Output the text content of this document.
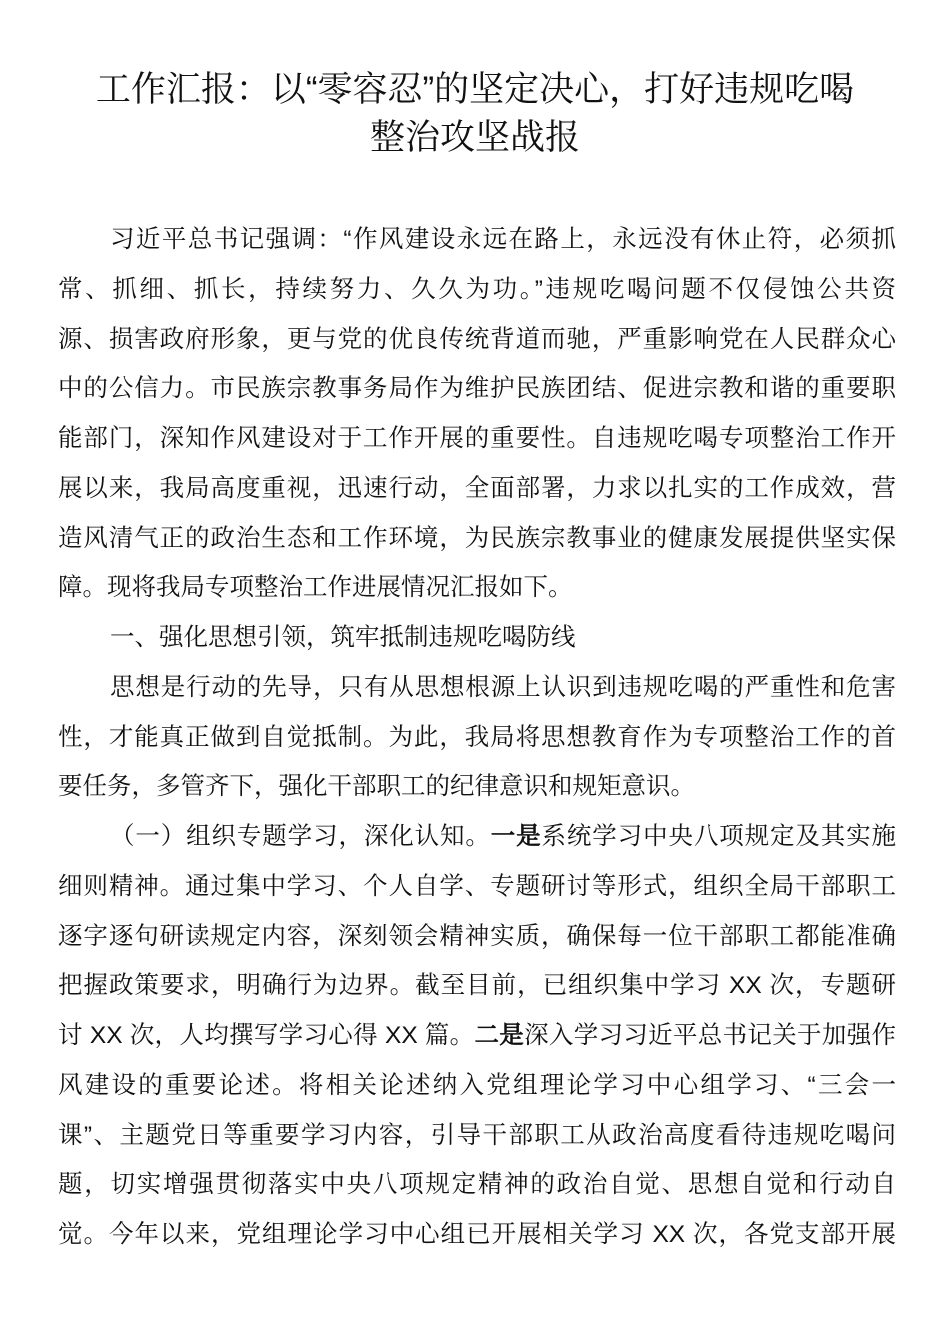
工作汇报：以“零容忍”的坚定决心，打好违规吃喝
整治攻坚战报
习近平总书记强调：“作风建设永远在路上，永远没有休止符，必须抓
常、抓细、抓长，持续努力、久久为功。”违规吃喝问题不仅侵蚀公共资
源、损害政府形象，更与党的优良传统背道而驰，严重影响党在人民群众心
中的公信力。市民族宗教事务局作为维护民族团结、促进宗教和谐的重要职
能部门，深知作风建设对于工作开展的重要性。自违规吃喝专项整治工作开
展以来，我局高度重视，迅速行动，全面部署，力求以扎实的工作成效，营
造风清气正的政治生态和工作环境，为民族宗教事业的健康发展提供坚实保
障。现将我局专项整治工作进展情况汇报如下。
一、强化思想引领，筑牢抵制违规吃喝防线
思想是行动的先导，只有从思想根源上认识到违规吃喝的严重性和危害
性，才能真正做到自觉抵制。为此，我局将思想教育作为专项整治工作的首
要任务，多管齐下，强化干部职工的纪律意识和规矩意识。
（一）组织专题学习，深化认知。一是系统学习中央八项规定及其实施
细则精神。通过集中学习、个人自学、专题研讨等形式，组织全局干部职工
逐字逐句研读规定内容，深刻领会精神实质，确保每一位干部职工都能准确
把握政策要求，明确行为边界。截至目前，已组织集中学习 XX 次，专题研
讨 XX 次，人均撰写学习心得 XX 篇。二是深入学习习近平总书记关于加强作
风建设的重要论述。将相关论述纳入党组理论学习中心组学习、“三会一
课”、主题党日等重要学习内容，引导干部职工从政治高度看待违规吃喝问
题，切实增强贯彻落实中央八项规定精神的政治自觉、思想自觉和行动自
觉。今年以来，党组理论学习中心组已开展相关学习 XX 次，各党支部开展
